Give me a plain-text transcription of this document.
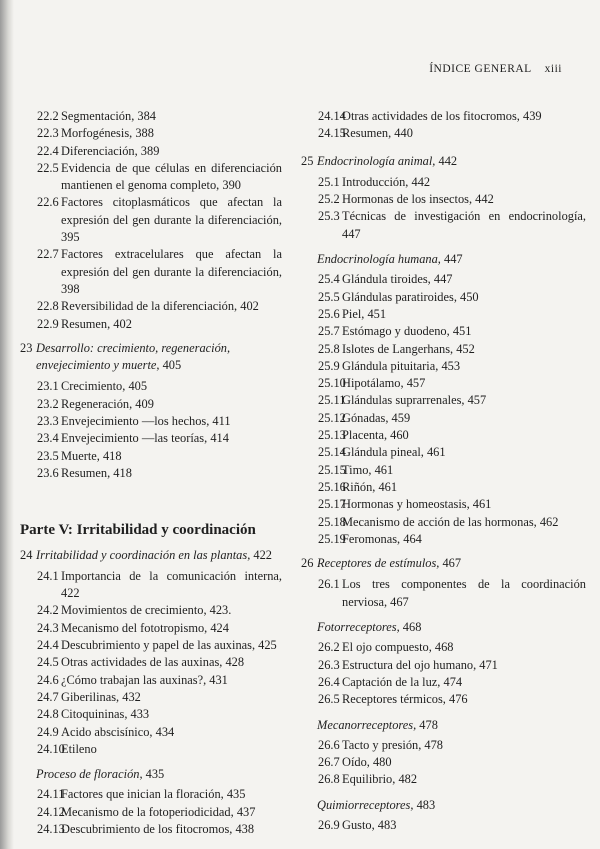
ÍNDICE GENERAL xiii
22.2 Segmentación, 384
22.3 Morfogénesis, 388
22.4 Diferenciación, 389
22.5 Evidencia de que células en diferenciación mantienen el genoma completo, 390
22.6 Factores citoplasmáticos que afectan la expresión del gen durante la diferenciación, 395
22.7 Factores extracelulares que afectan la expresión del gen durante la diferenciación, 398
22.8 Reversibilidad de la diferenciación, 402
22.9 Resumen, 402
23 Desarrollo: crecimiento, regeneración, envejecimiento y muerte, 405
23.1 Crecimiento, 405
23.2 Regeneración, 409
23.3 Envejecimiento —los hechos, 411
23.4 Envejecimiento —las teorías, 414
23.5 Muerte, 418
23.6 Resumen, 418
Parte V: Irritabilidad y coordinación
24 Irritabilidad y coordinación en las plantas, 422
24.1 Importancia de la comunicación interna, 422
24.2 Movimientos de crecimiento, 423.
24.3 Mecanismo del fototropismo, 424
24.4 Descubrimiento y papel de las auxinas, 425
24.5 Otras actividades de las auxinas, 428
24.6 ¿Cómo trabajan las auxinas?, 431
24.7 Giberilinas, 432
24.8 Citoquininas, 433
24.9 Acido abscisínico, 434
24.10
Etileno
Proceso de floración, 435
24.11
Factores que inician la floración, 435
24.12
Mecanismo de la fotoperiodicidad, 437
24.13
Descubrimiento de los fitocromos, 438
24.14
Otras actividades de los fitocromos, 439
24.15
Resumen, 440
25 Endocrinología animal, 442
25.1 Introducción, 442
25.2 Hormonas de los insectos, 442
25.3 Técnicas de investigación en endocrinología, 447
Endocrinología humana, 447
25.4 Glándula tiroides, 447
25.5 Glándulas paratiroides, 450
25.6 Piel, 451
25.7 Estómago y duodeno, 451
25.8 Islotes de Langerhans, 452
25.9 Glándula pituitaria, 453
25.10
Hipotálamo, 457
25.11
Glándulas suprarrenales, 457
25.12
Gónadas, 459
25.13
Placenta, 460
25.14
Glándula pineal, 461
25.15
Timo, 461
25.16
Riñón, 461
25.17
Hormonas y homeostasis, 461
25.18
Mecanismo de acción de las hormonas, 462
25.19
Feromonas, 464
26 Receptores de estímulos, 467
26.1 Los tres componentes de la coordinación nerviosa, 467
Fotorreceptores, 468
26.2 El ojo compuesto, 468
26.3 Estructura del ojo humano, 471
26.4 Captación de la luz, 474
26.5 Receptores térmicos, 476
Mecanorreceptores, 478
26.6 Tacto y presión, 478
26.7 Oído, 480
26.8 Equilibrio, 482
Quimiorreceptores, 483
26.9 Gusto, 483
